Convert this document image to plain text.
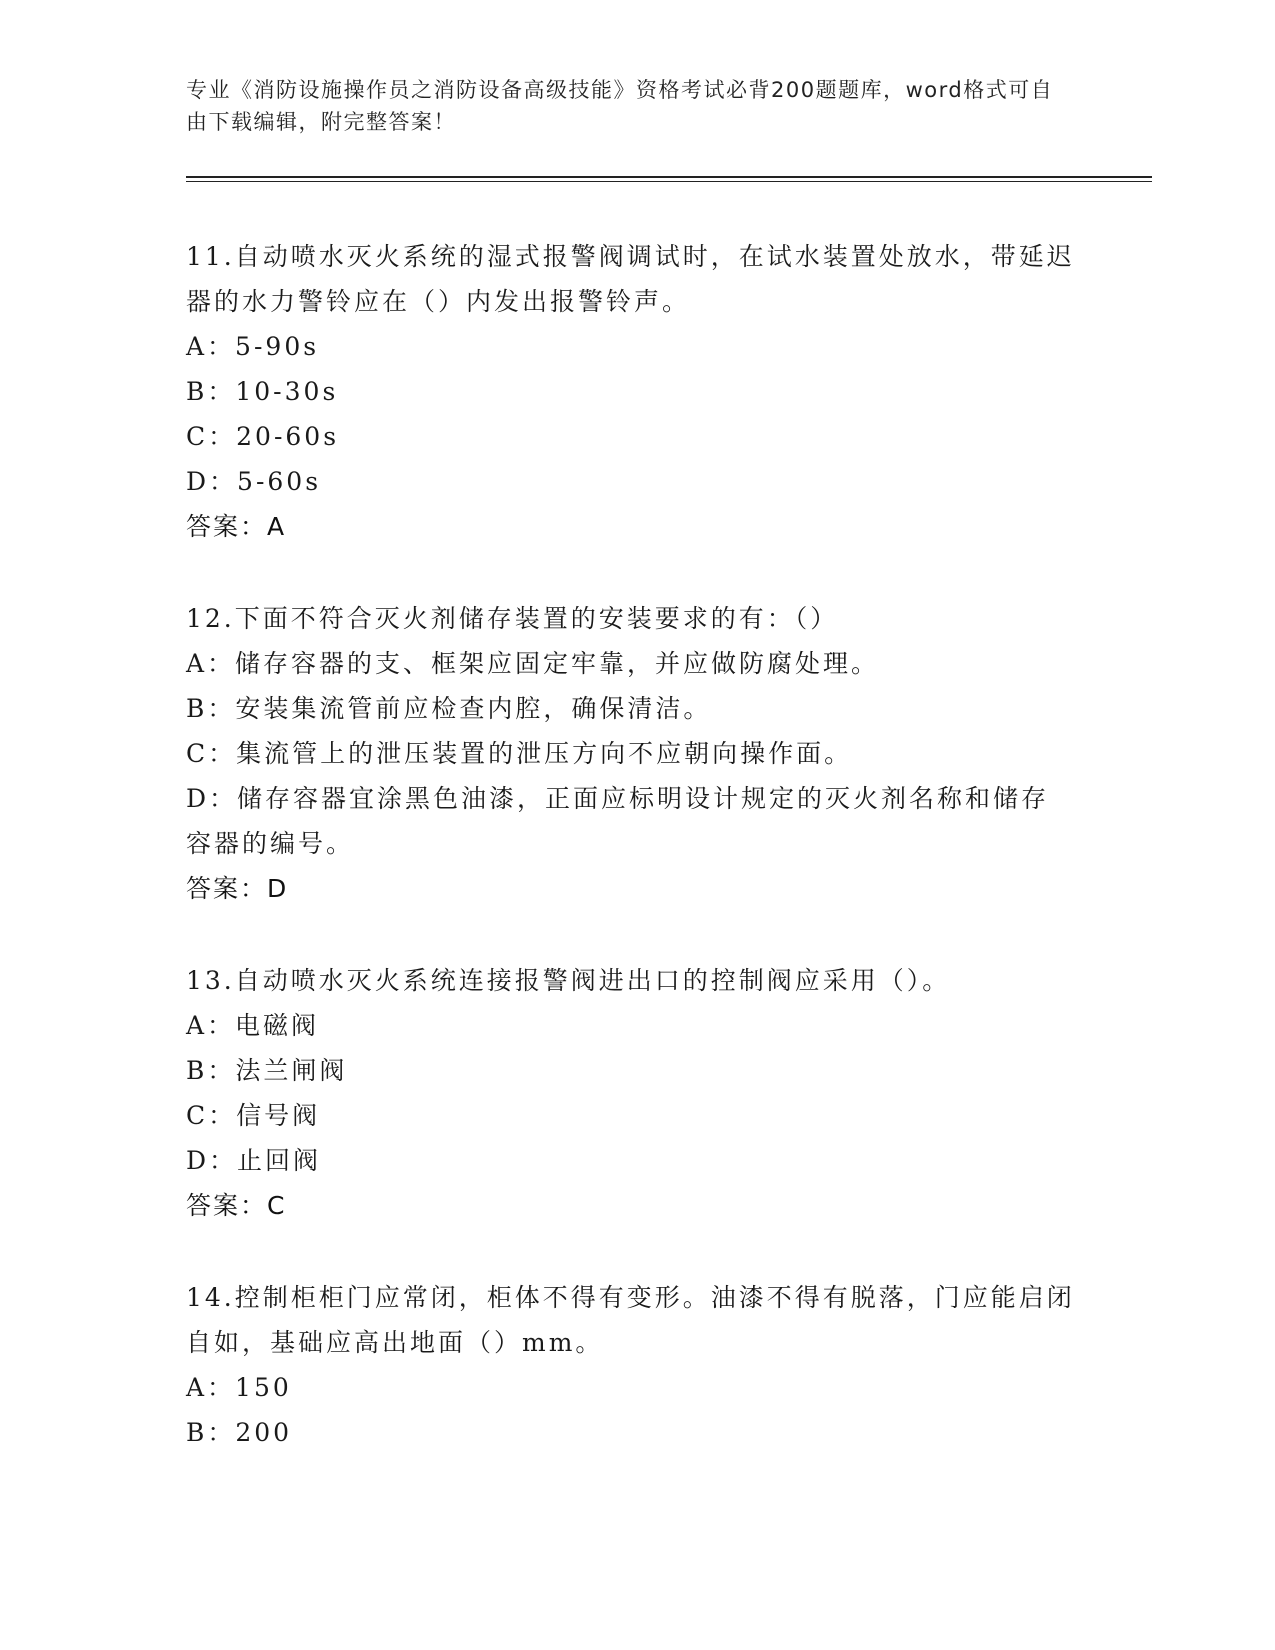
专业《消防设施操作员之消防设备高级技能》资格考试必背200题题库，word格式可自由下载编辑，附完整答案！

11.自动喷水灭火系统的湿式报警阀调试时，在试水装置处放水，带延迟器的水力警铃应在（）内发出报警铃声。

A：5-90s

B：10-30s

C：20-60s

D：5-60s

答案：A

12.下面不符合灭火剂储存装置的安装要求的有：（）

A：储存容器的支、框架应固定牢靠，并应做防腐处理。

B：安装集流管前应检查内腔，确保清洁。

C：集流管上的泄压装置的泄压方向不应朝向操作面。

D：储存容器宜涂黑色油漆，正面应标明设计规定的灭火剂名称和储存容器的编号。

答案：D

13.自动喷水灭火系统连接报警阀进出口的控制阀应采用（）。

A：电磁阀

B：法兰闸阀

C：信号阀

D：止回阀

答案：C

14.控制柜柜门应常闭，柜体不得有变形。油漆不得有脱落，门应能启闭自如，基础应高出地面（）mm。

A：150

B：200
